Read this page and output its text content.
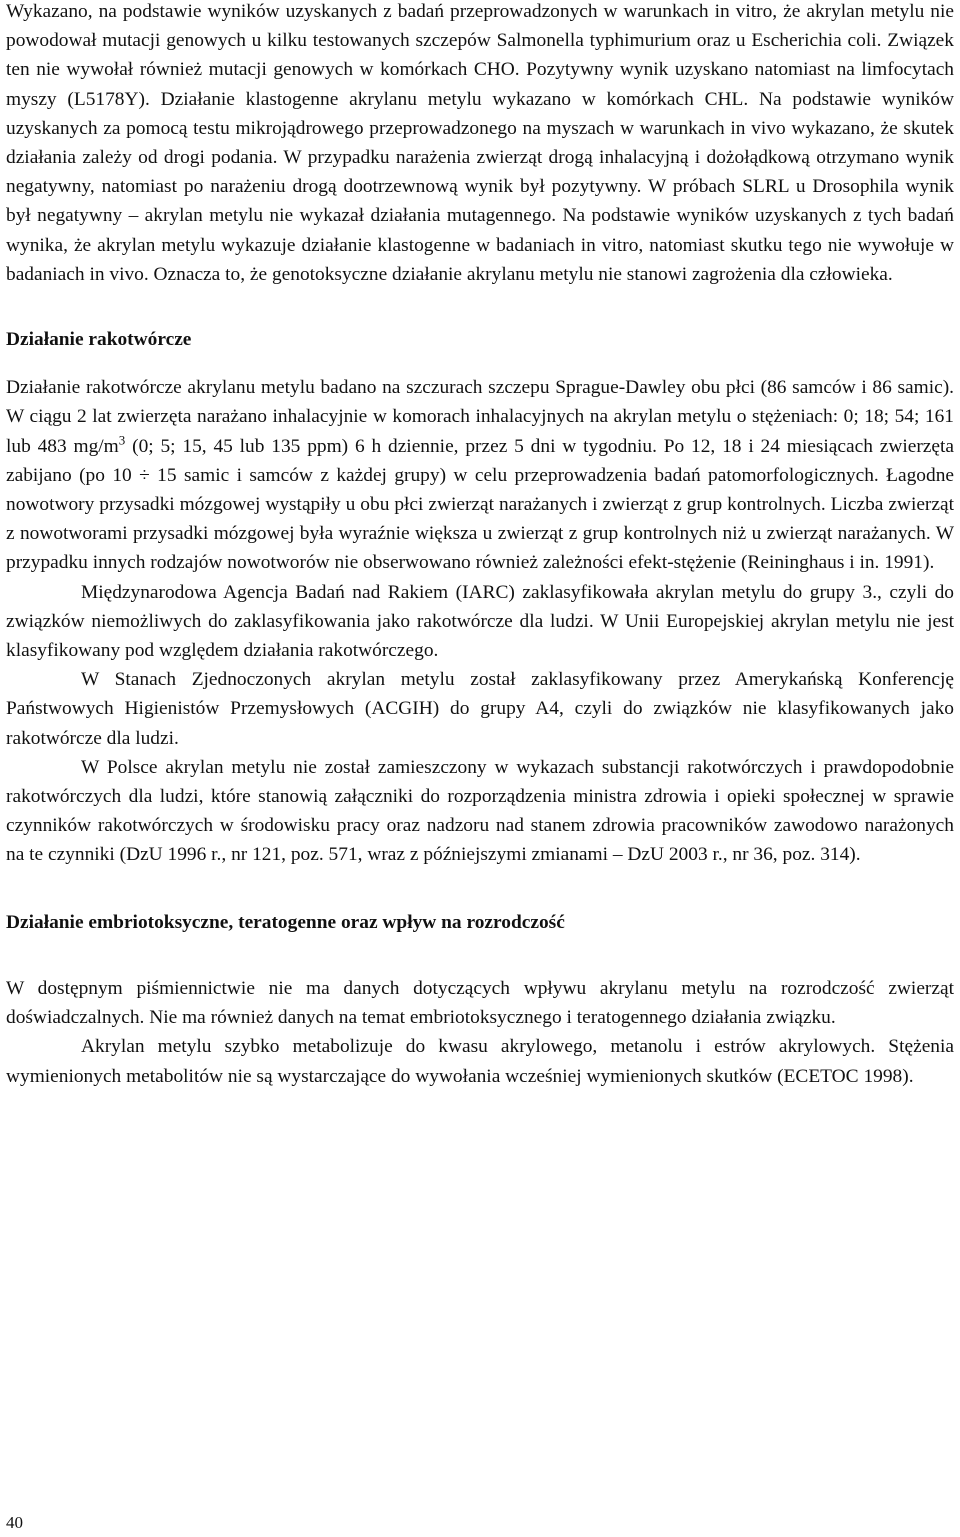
Wykazano, na podstawie wyników uzyskanych z badań przeprowadzonych w warunkach in vitro, że akrylan metylu nie powodował mutacji genowych u kilku testowanych szczepów Salmonella typhimurium oraz u Escherichia coli. Związek ten nie wywołał również mutacji genowych w komórkach CHO. Pozytywny wynik uzyskano natomiast na limfocytach myszy (L5178Y). Działanie klastogenne akrylanu metylu wykazano w komórkach CHL. Na podstawie wyników uzyskanych za pomocą testu mikrojądrowego przeprowadzonego na myszach w warunkach in vivo wykazano, że skutek działania zależy od drogi podania. W przypadku narażenia zwierząt drogą inhalacyjną i dożołądkową otrzymano wynik negatywny, natomiast po narażeniu drogą dootrzewnową wynik był pozytywny. W próbach SLRL u Drosophila wynik był negatywny – akrylan metylu nie wykazał działania mutagennego. Na podstawie wyników uzyskanych z tych badań wynika, że akrylan metylu wykazuje działanie klastogenne w badaniach in vitro, natomiast skutku tego nie wywołuje w badaniach in vivo. Oznacza to, że genotoksyczne działanie akrylanu metylu nie stanowi zagrożenia dla człowieka.

Działanie rakotwórcze

Działanie rakotwórcze akrylanu metylu badano na szczurach szczepu Sprague-Dawley obu płci (86 samców i 86 samic). W ciągu 2 lat zwierzęta narażano inhalacyjnie w komorach inhalacyjnych na akrylan metylu o stężeniach: 0; 18; 54; 161 lub 483 $mg/m^3$ (0; 5; 15, 45 lub 135 ppm) 6 h dziennie, przez 5 dni w tygodniu. Po 12, 18 i 24 miesiącach zwierzęta zabijano (po 10 ÷ 15 samic i samców z każdej grupy) w celu przeprowadzenia badań patomorfologicznych. Łagodne nowotwory przysadki mózgowej wystąpiły u obu płci zwierząt narażanych i zwierząt z grup kontrolnych. Liczba zwierząt z nowotworami przysadki mózgowej była wyraźnie większa u zwierząt z grup kontrolnych niż u zwierząt narażanych. W przypadku innych rodzajów nowotworów nie obserwowano również zależności efekt-stężenie (Reininghaus i in. 1991).

Międzynarodowa Agencja Badań nad Rakiem (IARC) zaklasyfikowała akrylan metylu do grupy 3., czyli do związków niemożliwych do zaklasyfikowania jako rakotwórcze dla ludzi. W Unii Europejskiej akrylan metylu nie jest klasyfikowany pod względem działania rakotwórczego.

W Stanach Zjednoczonych akrylan metylu został zaklasyfikowany przez Amerykańską Konferencję Państwowych Higienistów Przemysłowych (ACGIH) do grupy A4, czyli do związków nie klasyfikowanych jako rakotwórcze dla ludzi.

W Polsce akrylan metylu nie został zamieszczony w wykazach substancji rakotwórczych i prawdopodobnie rakotwórczych dla ludzi, które stanowią załączniki do rozporządzenia ministra zdrowia i opieki społecznej w sprawie czynników rakotwórczych w środowisku pracy oraz nadzoru nad stanem zdrowia pracowników zawodowo narażonych na te czynniki (DzU 1996 r., nr 121, poz. 571, wraz z późniejszymi zmianami – DzU 2003 r., nr 36, poz. 314).

Działanie embriotoksyczne, teratogenne oraz wpływ na rozrodczość

W dostępnym piśmiennictwie nie ma danych dotyczących wpływu akrylanu metylu na rozrodczość zwierząt doświadczalnych. Nie ma również danych na temat embriotoksycznego i teratogennego działania związku.

Akrylan metylu szybko metabolizuje do kwasu akrylowego, metanolu i estrów akrylowych. Stężenia wymienionych metabolitów nie są wystarczające do wywołania wcześniej wymienionych skutków (ECETOC 1998).

40
